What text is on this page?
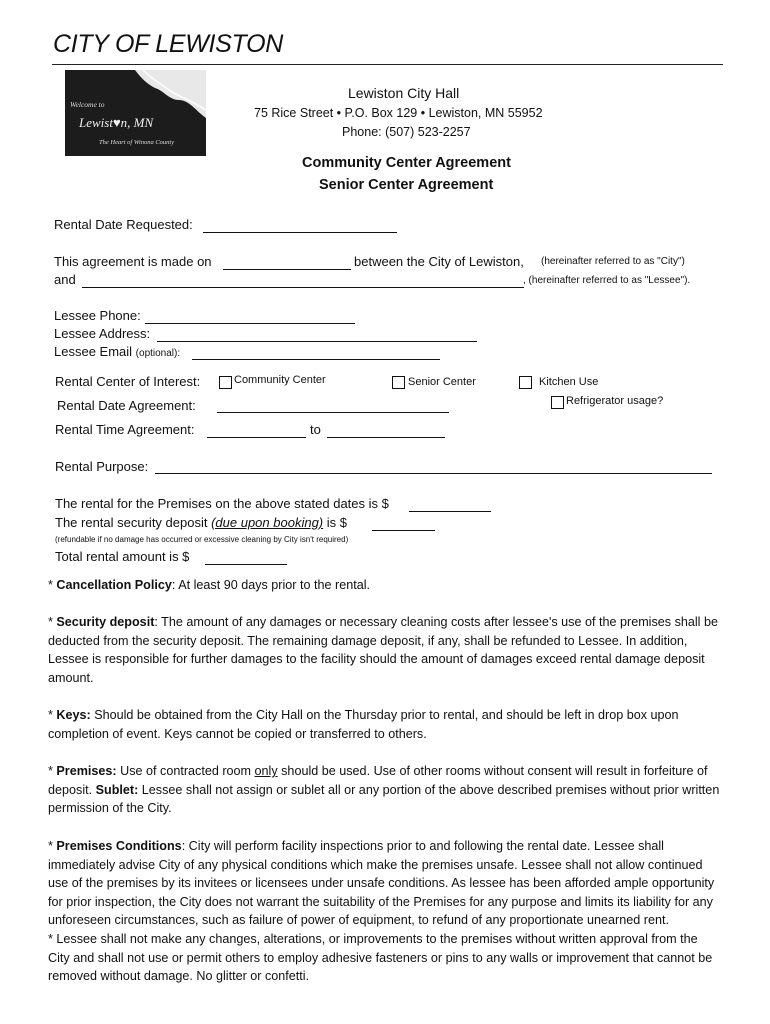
CITY OF LEWISTON
Welcome to
Lewist♥n, MN
The Heart of Winona County
Lewiston City Hall
75 Rice Street • P.O. Box 129 • Lewiston, MN 55952
Phone: (507) 523-2257
Community Center Agreement
Senior Center Agreement
Rental Date Requested:
This agreement is made on	between the City of Lewiston, (hereinafter referred to as "City")
and	, (hereinafter referred to as "Lessee").
Lessee Phone:
Lessee Address:
Lessee Email (optional):
Rental Center of Interest:	Community Center	Senior Center	Kitchen Use
Refrigerator usage?
Rental Date Agreement:
Rental Time Agreement:	to
Rental Purpose:
The rental for the Premises on the above stated dates is $
The rental security deposit (due upon booking) is $
(refundable if no damage has occurred or excessive cleaning by City isn't required)
Total rental amount is $

* Cancellation Policy: At least 90 days prior to the rental.

* Security deposit: The amount of any damages or necessary cleaning costs after lessee's use of the premises shall be deducted from the security deposit. The remaining damage deposit, if any, shall be refunded to Lessee. In addition, Lessee is responsible for further damages to the facility should the amount of damages exceed rental damage deposit amount.

* Keys: Should be obtained from the City Hall on the Thursday prior to rental, and should be left in drop box upon completion of event. Keys cannot be copied or transferred to others.

* Premises: Use of contracted room only should be used. Use of other rooms without consent will result in forfeiture of deposit. Sublet: Lessee shall not assign or sublet all or any portion of the above described premises without prior written permission of the City.

* Premises Conditions: City will perform facility inspections prior to and following the rental date. Lessee shall immediately advise City of any physical conditions which make the premises unsafe. Lessee shall not allow continued use of the premises by its invitees or licensees under unsafe conditions. As lessee has been afforded ample opportunity for prior inspection, the City does not warrant the suitability of the Premises for any purpose and limits its liability for any unforeseen circumstances, such as failure of power of equipment, to refund of any proportionate unearned rent.

* Lessee shall not make any changes, alterations, or improvements to the premises without written approval from the City and shall not use or permit others to employ adhesive fasteners or pins to any walls or improvement that cannot be removed without damage. No glitter or confetti.
